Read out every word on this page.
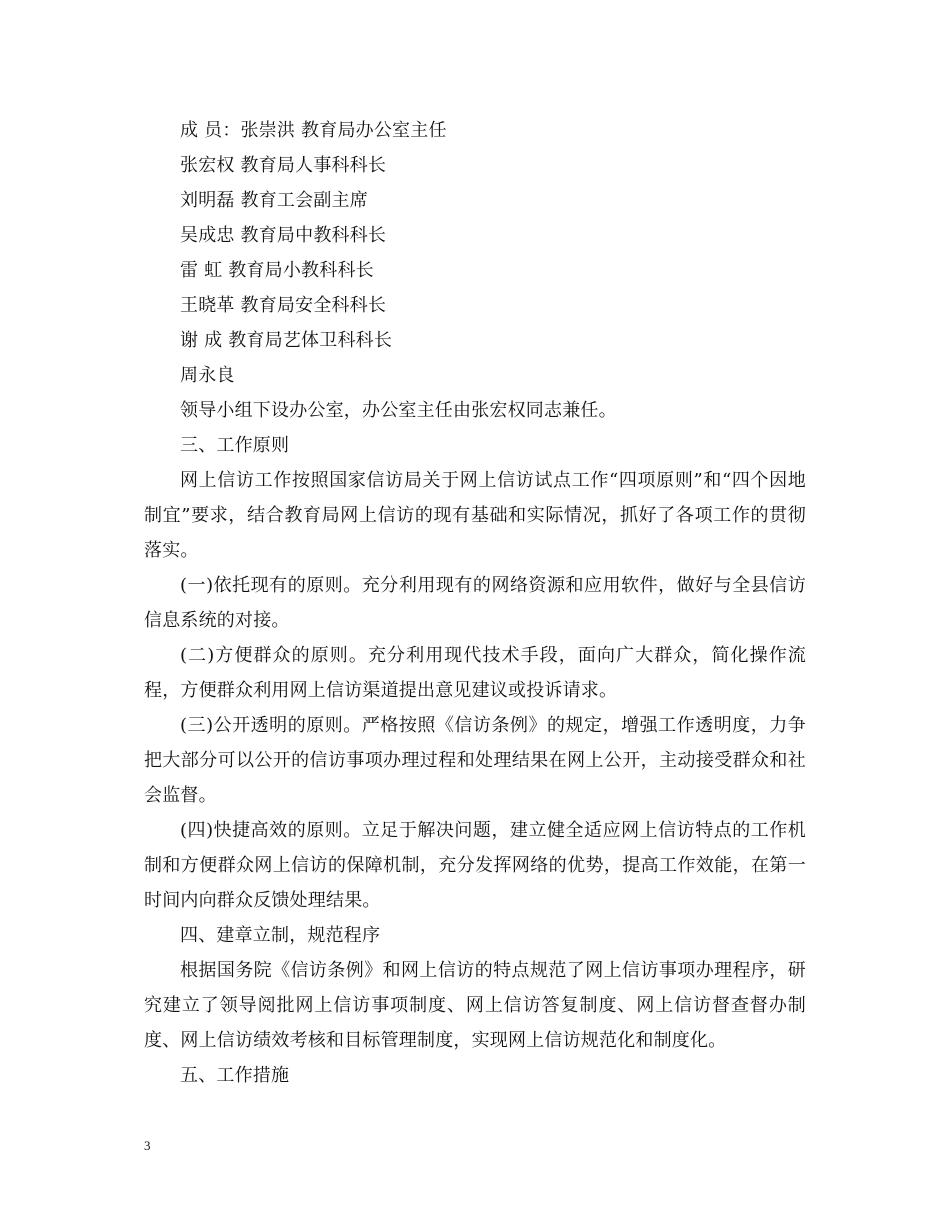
成 员：张崇洪 教育局办公室主任

张宏权 教育局人事科科长

刘明磊 教育工会副主席

吴成忠 教育局中教科科长

雷 虹 教育局小教科科长

王晓革 教育局安全科科长

谢 成 教育局艺体卫科科长

周永良

领导小组下设办公室，办公室主任由张宏权同志兼任。

三、工作原则

网上信访工作按照国家信访局关于网上信访试点工作“四项原则”和“四个因地制宜”要求，结合教育局网上信访的现有基础和实际情况，抓好了各项工作的贯彻落实。

(一)依托现有的原则。充分利用现有的网络资源和应用软件，做好与全县信访信息系统的对接。

(二)方便群众的原则。充分利用现代技术手段，面向广大群众，简化操作流程，方便群众利用网上信访渠道提出意见建议或投诉请求。

(三)公开透明的原则。严格按照《信访条例》的规定，增强工作透明度，力争把大部分可以公开的信访事项办理过程和处理结果在网上公开，主动接受群众和社会监督。

(四)快捷高效的原则。立足于解决问题，建立健全适应网上信访特点的工作机制和方便群众网上信访的保障机制，充分发挥网络的优势，提高工作效能，在第一时间内向群众反馈处理结果。

四、建章立制，规范程序

根据国务院《信访条例》和网上信访的特点规范了网上信访事项办理程序，研究建立了领导阅批网上信访事项制度、网上信访答复制度、网上信访督查督办制度、网上信访绩效考核和目标管理制度，实现网上信访规范化和制度化。

五、工作措施

3
